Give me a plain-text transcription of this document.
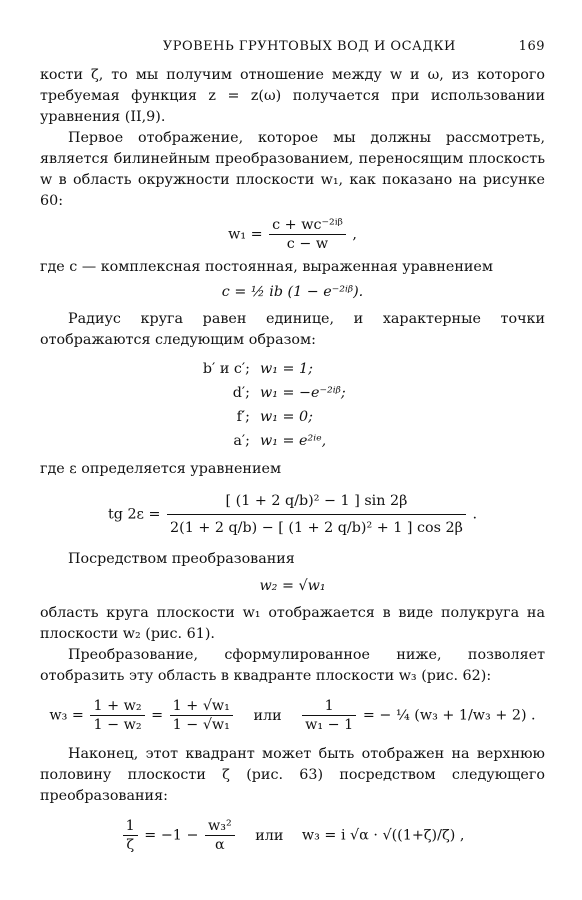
УРОВЕНЬ ГРУНТОВЫХ ВОД И ОСАДКИ	169

кости ζ, то мы получим отношение между w и ω, из которого требуемая функция z = z(ω) получается при использовании уравнения (II,9).

Первое отображение, которое мы должны рассмотреть, является билинейным преобразованием, переносящим плоскость w в область окружности плоскости w₁, как показано на рисунке 60:

$w_1 = \frac{\text{c + wc⁻²ⁱᵝ}}{c - w}$ ,

где c — комплексная постоянная, выраженная уравнением

c = ½ ib (1 − e⁻²ⁱᵝ).

Радиус круга равен единице, и характерные точки отображаются следующим образом:

b′ и c′; w₁ = 1;
d′; w₁ = −e⁻²ⁱᵝ;
f′; w₁ = 0;
a′; w₁ = e²ⁱᵉ,

где ε определяется уравнением

tg $2\varepsilon = \frac{\text{[ (1 + 2 q/b)² − 1 ] sin 2β}}{\text{2(1 + 2 q/b) − [ (1 + 2 q/b)² + 1 ] cos 2β}}$ .

Посредством преобразования

w₂ = √w₁

область круга плоскости w₁ отображается в виде полукруга на плоскости w₂ (рис. 61).

Преобразование, сформулированное ниже, позволяет отобразить эту область в квадранте плоскости w₃ (рис. 62):

$w_3 = \frac{\text{1 + w₂}}{\text{1 − w₂}} = \frac{\text{1 + √w₁}}{\text{1 − √w₁}}$ или $\frac{1}{\text{w₁ − 1}}$ = − ¼ (w₃ + 1/w₃ + 2) .

Наконец, этот квадрант может быть отображен на верхнюю половину плоскости ζ (рис. 63) посредством следующего преобразования:

$\frac{1}{\zeta} = -1 - \frac{\text{w₃²}}{\alpha}$ или w₃ = i √α · √((1+ζ)/ζ) ,
